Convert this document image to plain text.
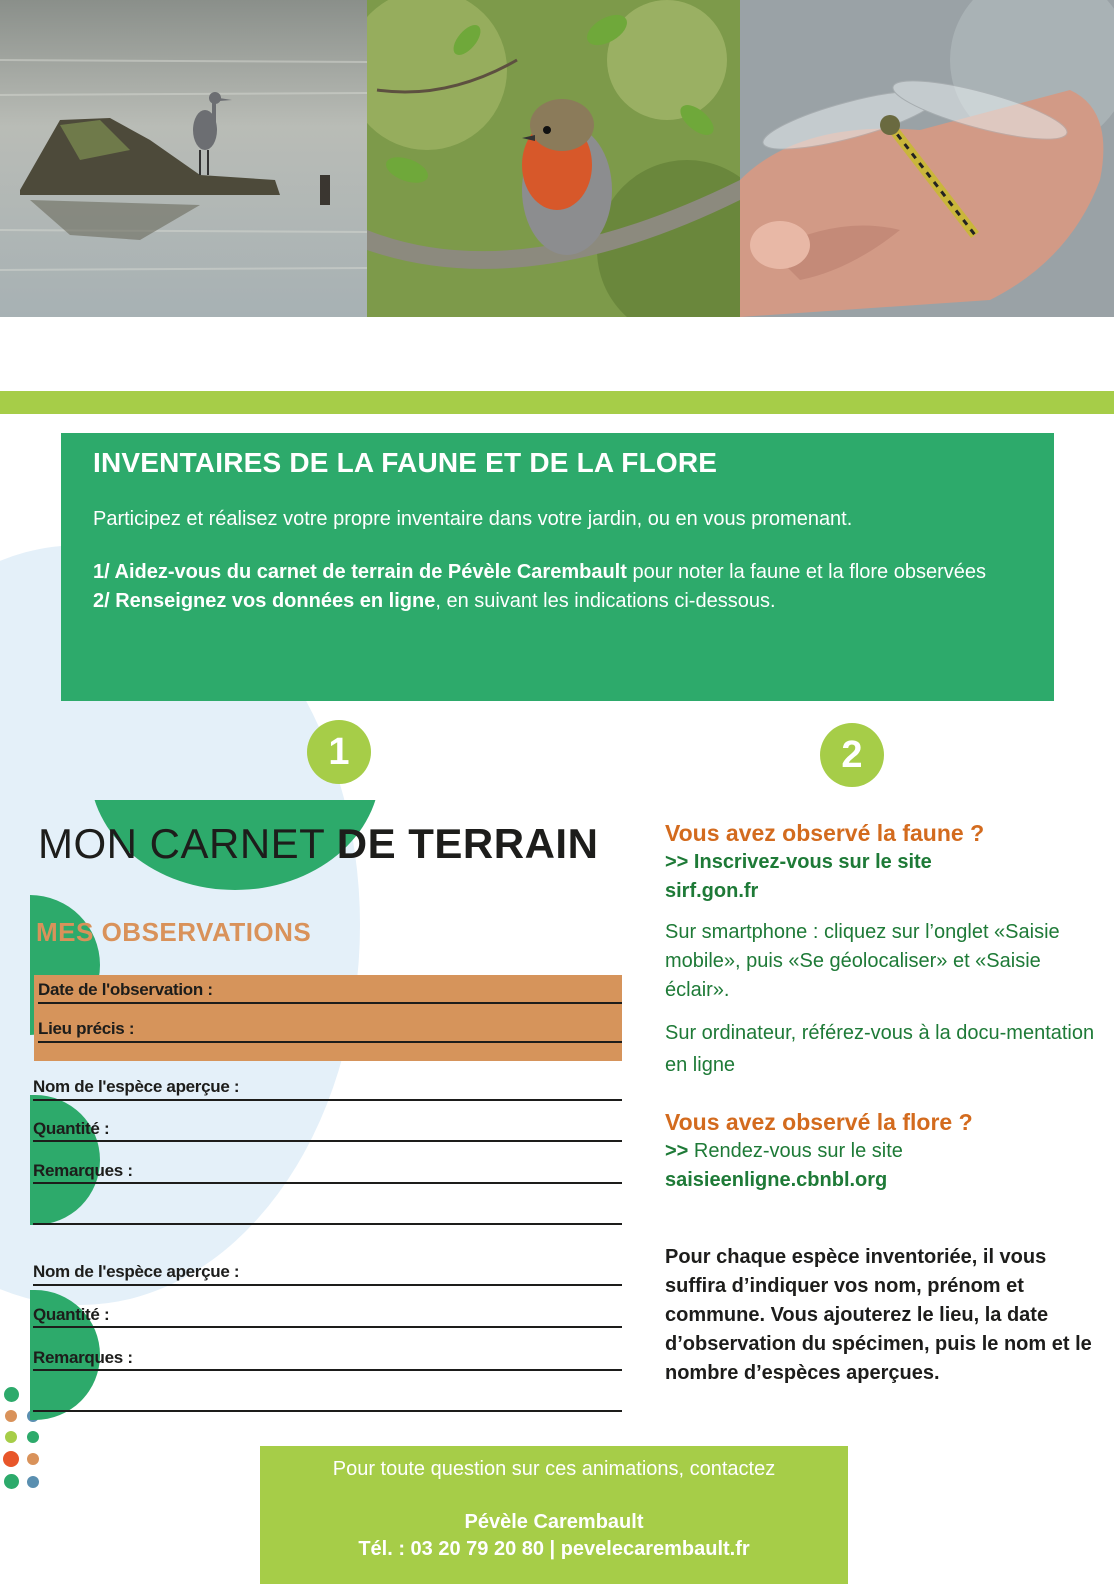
INVENTAIRES DE LA FAUNE ET DE LA FLORE

Participez et réalisez votre propre inventaire dans votre jardin, ou en vous promenant.

1/ Aidez-vous du carnet de terrain de Pévèle Carembault pour noter la faune et la flore observées

2/ Renseignez vos données en ligne, en suivant les indications ci-dessous.

1	2
MON CARNET DE TERRAIN
MES OBSERVATIONS
Date de l'observation :
Lieu précis :
Nom de l'espèce aperçue :
Quantité :
Remarques :
Nom de l'espèce aperçue :
Quantité :
Remarques :

Vous avez observé la faune ?

>> Inscrivez-vous sur le site

sirf.gon.fr

Sur smartphone : cliquez sur l’onglet «Saisie mobile», puis «Se géolocaliser» et «Saisie éclair».

Sur ordinateur, référez-vous à la docu-mentation en ligne

Vous avez observé la flore ?

>> Rendez-vous sur le site

saisieenligne.cbnbl.org

Pour chaque espèce inventoriée, il vous suffira d’indiquer vos nom, prénom et commune. Vous ajouterez le lieu, la date d’observation du spécimen, puis le nom et le nombre d’espèces aperçues.

Pour toute question sur ces animations, contactez
Pévèle Carembault
Tél. : 03 20 79 20 80 | pevelecarembault.fr
